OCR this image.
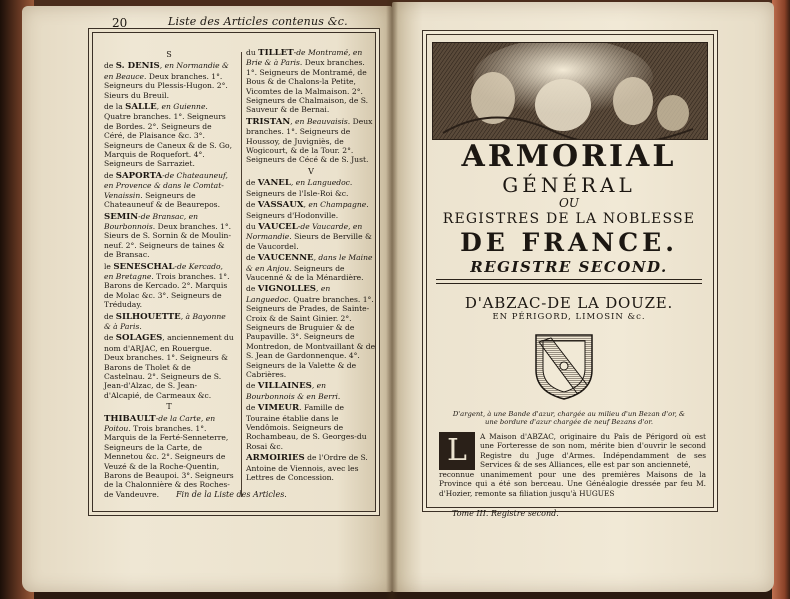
20	Liste des Articles contenus &c.
S
de S. DENIS, en Normandie & en Beauce. Deux branches. 1°. Seigneurs du Plessis-Hugon. 2°. Sieurs du Breuil.
de la SALLE, en Guienne. Quatre branches. 1°. Seigneurs de Bordes. 2°. Seigneurs de Céré, de Plaisance &c. 3°. Seigneurs de Caneux & de S. Go, Marquis de Roquefort. 4°. Seigneurs de Sarraziet.
de SAPORTA-de Chateauneuf, en Provence & dans le Comtat-Venaissin. Seigneurs de Chateauneuf & de Beaurepos.
SEMIN-de Bransac, en Bourbonnois. Deux branches. 1°. Sieurs de S. Sornin & de Moulin-neuf. 2°. Seigneurs de taines & de Bransac.
le SENESCHAL-de Kercado, en Bretagne. Trois branches. 1°. Barons de Kercado. 2°. Marquis de Molac &c. 3°. Seigneurs de Tréduday.
de SILHOUETTE, à Bayonne & à Paris.
de SOLAGES, anciennement du nom d'ARJAC, en Rouergue. Deux branches. 1°. Seigneurs & Barons de Tholet & de Castelnau. 2°. Seigneurs de S. Jean-d'Alzac, de S. Jean-d'Alcapié, de Carmeaux &c.
T
THIBAULT-de la Carte, en Poitou. Trois branches. 1°. Marquis de la Ferté-Senneterre, Seigneurs de la Carte, de Mennetou &c. 2°. Seigneurs de Veuzé & de la Roche-Quentin, Barons de Beaupoi. 3°. Seigneurs de la Chalonnière & des Roches-de Vandeuvre.
du TILLET-de Montramé, en Brie & à Paris. Deux branches. 1°. Seigneurs de Montramé, de Bous & de Chalons-la Petite, Vicomtes de la Malmaison. 2°. Seigneurs de Chalmaison, de S. Sauveur & de Bernai.
TRISTAN, en Beauvaisis. Deux branches. 1°. Seigneurs de Houssoy, de Juvigniès, de Wogicourt, & de la Tour. 2°. Seigneurs de Cécé & de S. Just.
V
de VANEL, en Languedoc. Seigneurs de l'Isle-Roi &c.
de VASSAUX, en Champagne. Seigneurs d'Hodonville.
du VAUCEL-de Vaucarde, en Normandie. Sieurs de Berville & de Vaucordel.
de VAUCENNE, dans le Maine & en Anjou. Seigneurs de Vaucenné & de la Ménardière.
de VIGNOLLES, en Languedoc. Quatre branches. 1°. Seigneurs de Prades, de Sainte-Croix & de Saint Ginier. 2°. Seigneurs de Bruguier & de Paupaville. 3°. Seigneurs de Montredon, de Montvaillant & de S. Jean de Gardonnenque. 4°. Seigneurs de la Valette & de Cabrières.
de VILLAINES, en Bourbonnois & en Berri.
de VIMEUR. Famille de Touraine établie dans le Vendômois. Seigneurs de Rochambeau, de S. Georges-du Rosai &c.
ARMOIRIES de l'Ordre de S. Antoine de Viennois, avec les Lettres de Concession.
Fin de la Liste des Articles.
ARMORIAL
GÉNÉRAL
OU
REGISTRES DE LA NOBLESSE
DE FRANCE.
REGISTRE SECOND.
D'ABZAC-DE LA DOUZE.
EN PÉRIGORD, LIMOSIN &c.
D'argent, à une Bande d'azur, chargée au milieu d'un Bezan d'or, & une bordure d'azur chargée de neuf Bezans d'or.
L	A Maison d'ABZAC, originaire du Païs de Périgord où est une Forteresse de son nom, mérite bien d'ouvrir le second Registre du Juge d'Armes. Indépendamment de ses Services & de ses Alliances, elle est par son ancienneté,
reconnue unanimement pour une des premières Maisons de la Province qui a été son berceau. Une Généalogie dressée par feu M. d'Hozier, remonte sa filiation jusqu'à HUGUES
Tome III. Registre second.
